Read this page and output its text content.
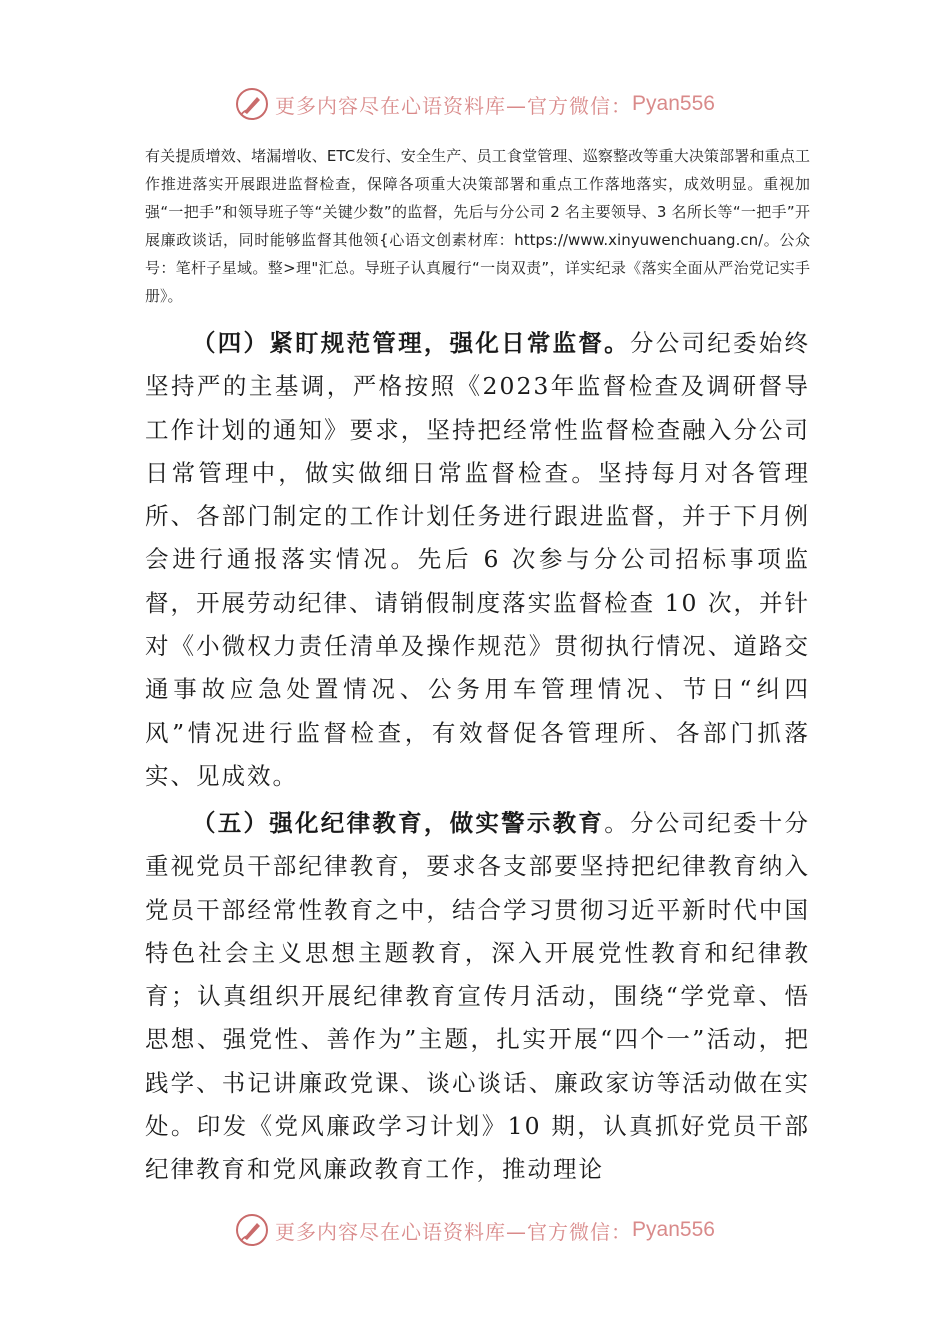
更多内容尽在心语资料库—官方微信： Pyan556

有关提质增效、堵漏增收、ETC发行、安全生产、员工食堂管理、巡察整改等重大决策部署和重点工作推进落实开展跟进监督检查，保障各项重大决策部署和重点工作落地落实，成效明显。重视加强“一把手”和领导班子等“关键少数”的监督，先后与分公司 2 名主要领导、3 名所长等“一把手”开展廉政谈话，同时能够监督其他领{心语文创素材库：https://www.xinyuwenchuang.cn/。公众号：笔杆子星域。整>理"汇总。导班子认真履行“一岗双责”，详实纪录《落实全面从严治党记实手册》。

（四）紧盯规范管理，强化日常监督。分公司纪委始终坚持严的主基调，严格按照《2023年监督检查及调研督导工作计划的通知》要求，坚持把经常性监督检查融入分公司日常管理中，做实做细日常监督检查。坚持每月对各管理所、各部门制定的工作计划任务进行跟进监督，并于下月例会进行通报落实情况。先后 6 次参与分公司招标事项监督，开展劳动纪律、请销假制度落实监督检查 10 次，并针对《小微权力责任清单及操作规范》贯彻执行情况、道路交通事故应急处置情况、公务用车管理情况、节日“纠四风”情况进行监督检查，有效督促各管理所、各部门抓落实、见成效。

（五）强化纪律教育，做实警示教育。分公司纪委十分重视党员干部纪律教育，要求各支部要坚持把纪律教育纳入党员干部经常性教育之中，结合学习贯彻习近平新时代中国特色社会主义思想主题教育，深入开展党性教育和纪律教育；认真组织开展纪律教育宣传月活动，围绕“学党章、悟思想、强党性、善作为”主题，扎实开展“四个一”活动，把践学、书记讲廉政党课、谈心谈话、廉政家访等活动做在实处。印发《党风廉政学习计划》10 期，认真抓好党员干部纪律教育和党风廉政教育工作，推动理论

更多内容尽在心语资料库—官方微信： Pyan556
